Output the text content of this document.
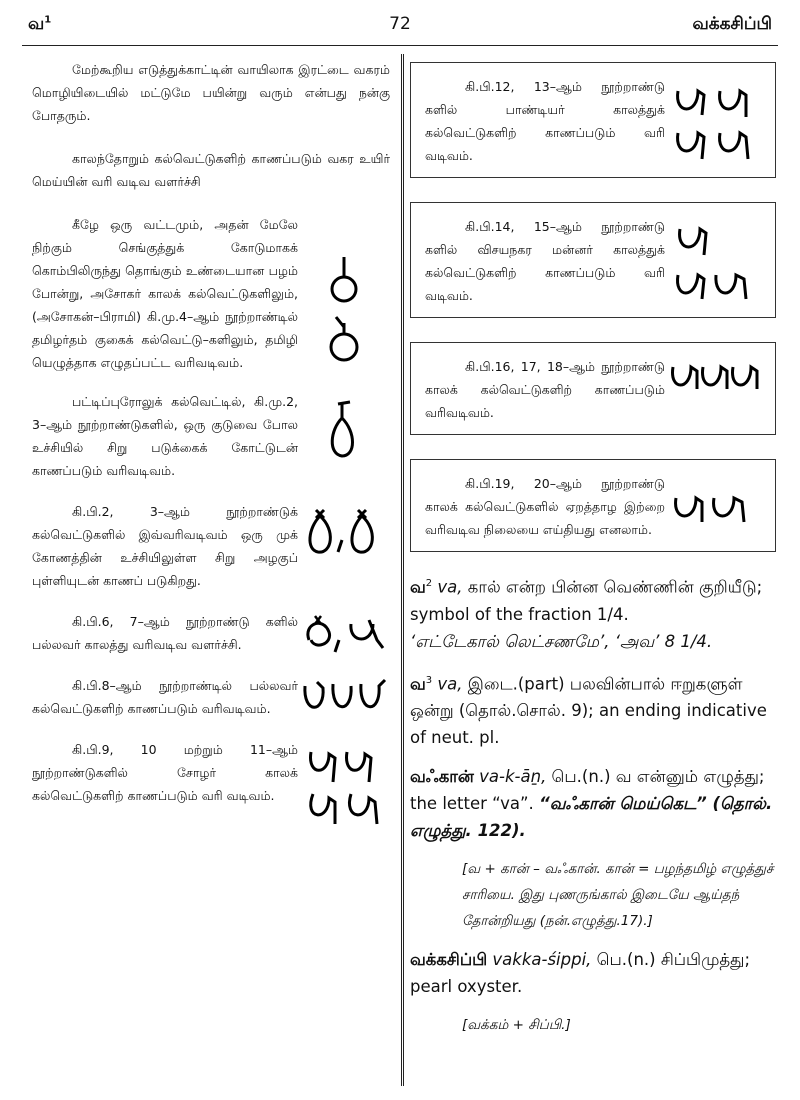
வ$^1$	72	வக்கசிப்பி

மேற்கூறிய எடுத்துக்காட்டின் வாயிலாக இரட்டை வகரம் மொழியிடையில் மட்டுமே பயின்று வரும் என்பது நன்கு போதரும்.

காலந்தோறும் கல்வெட்டுகளிற் காணப்படும் வகர உயிர் மெய்யின் வரி வடிவ வளர்ச்சி

கீழே ஒரு வட்டமும், அதன் மேலே நிற்கும் செங்குத்துக் கோடுமாகக் கொம்பிலிருந்து தொங்கும் உண்டையான பழம் போன்று, அசோகர் காலக் கல்வெட்டுகளிலும், (அசோகன்–பிராமி) கி.மு.4–ஆம் நூற்றாண்டில் தமிழர்தம் குகைக் கல்வெட்டு–களிலும், தமிழி யெழுத்தாக எழுதப்பட்ட வரிவடிவம்.
பட்டிப்புரோலுக் கல்வெட்டில், கி.மு.2, 3–ஆம் நூற்றாண்டுகளில், ஒரு குடுவை போல உச்சியில் சிறு படுக்கைக் கோட்டுடன் காணப்படும் வரிவடிவம்.
கி.பி.2, 3–ஆம் நூற்றாண்டுக் கல்வெட்டுகளில் இவ்வரிவடிவம் ஒரு முக் கோணத்தின் உச்சியிலுள்ள சிறு அழகுப் புள்ளியுடன் காணப் படுகிறது.
கி.பி.6, 7–ஆம் நூற்றாண்டு களில் பல்லவர் காலத்து வரிவடிவ வளர்ச்சி.
கி.பி.8–ஆம் நூற்றாண்டில் பல்லவர் கல்வெட்டுகளிற் காணப்படும் வரிவடிவம்.
கி.பி.9, 10 மற்றும் 11–ஆம் நூற்றாண்டுகளில் சோழர் காலக் கல்வெட்டுகளிற் காணப்படும் வரி வடிவம்.
கி.பி.12, 13–ஆம் நூற்றாண்டு களில் பாண்டியர் காலத்துக் கல்வெட்டுகளிற் காணப்படும் வரி வடிவம்.
கி.பி.14, 15–ஆம் நூற்றாண்டு களில் விசயநகர மன்னர் காலத்துக் கல்வெட்டுகளிற் காணப்படும் வரி வடிவம்.
கி.பி.16, 17, 18–ஆம் நூற்றாண்டு காலக் கல்வெட்டுகளிற் காணப்படும் வரிவடிவம்.
கி.பி.19, 20–ஆம் நூற்றாண்டு காலக் கல்வெட்டுகளில் ஏறத்தாழ இற்றை வரிவடிவ நிலையை எய்தியது எனலாம்.

வ$^2$ va, கால் என்ற பின்ன வெண்ணின் குறியீடு; symbol of the fraction 1/4.
‘எட்டேகால் லெட்சணமே’, ‘அவ’ 8 1/4.

வ$^3$ va, இடை.(part) பலவின்பால் ஈறுகளுள் ஒன்று (தொல்.சொல். 9); an ending indicative of neut. pl.

வஃகான் va-k-āṉ, பெ.(n.) வ என்னும் எழுத்து; the letter “va”. “வஃகான் மெய்கெட” (தொல். எழுத்து. 122).

[வ + கான் – வஃகான். கான் = பழந்தமிழ் எழுத்துச் சாரியை. இது புணருங்கால் இடையே ஆய்தந் தோன்றியது (நன்.எழுத்து.17).]

வக்கசிப்பி vakka-śippi, பெ.(n.) சிப்பிமுத்து; pearl oxyster.

[வக்கம் + சிப்பி.]
